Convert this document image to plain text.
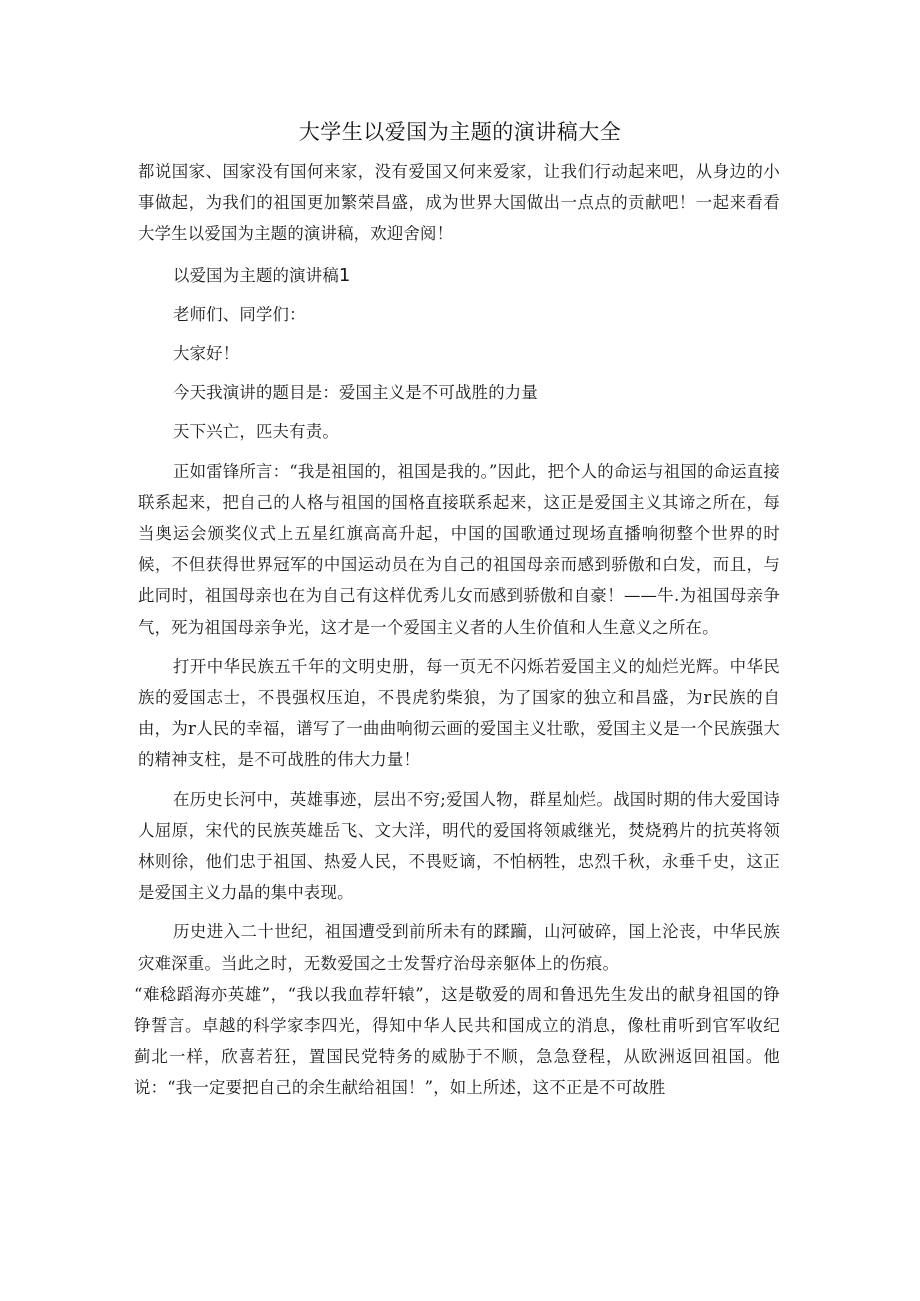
大学生以爱国为主题的演讲稿大全

都说国家、国家没有国何来家，没有爱国又何来爱家，让我们行动起来吧，从身边的小事做起，为我们的祖国更加繁荣昌盛，成为世界大国做出一点点的贡献吧！一起来看看大学生以爱国为主题的演讲稿，欢迎舍阅！

以爱国为主题的演讲稿1

老师们、同学们：

大家好！

今天我演讲的题目是：爱国主义是不可战胜的力量

天下兴亡，匹夫有责。

正如雷锋所言：“我是祖国的，祖国是我的。”因此，把个人的命运与祖国的命运直接联系起来，把自己的人格与祖国的国格直接联系起来，这正是爱国主义其谛之所在，每当奥运会颁奖仪式上五星红旗高高升起，中国的国歌通过现场直播响彻整个世界的时候，不但获得世界冠军的中国运动员在为自己的祖国母亲而感到骄傲和白发，而且，与此同时，祖国母亲也在为自己有这样优秀儿女而感到骄傲和自豪！——牛.为祖国母亲争气，死为祖国母亲争光，这才是一个爱国主义者的人生价值和人生意义之所在。

打开中华民族五千年的文明史册，每一页无不闪烁若爱国主义的灿烂光辉。中华民族的爱国志士，不畏强权压迫，不畏虎豹柴狼，为了国家的独立和昌盛，为r民族的自由，为r人民的幸福，谱写了一曲曲响彻云画的爱国主义壮歌，爱国主义是一个民族强大的精神支柱，是不可战胜的伟大力量！

在历史长河中，英雄事迹，层出不穷;爱国人物，群星灿烂。战国时期的伟大爱国诗人屈原，宋代的民族英雄岳飞、文大洋，明代的爱国将领戚继光，焚烧鸦片的抗英将领林则徐，他们忠于祖国、热爱人民，不畏贬谪，不怕柄牲，忠烈千秋，永垂千史，这正是爱国主义力晶的集中表现。

历史进入二十世纪，祖国遭受到前所未有的蹂躏，山河破碎，国上沦丧，中华民族灾难深重。当此之时，无数爱国之士发誓疗治母亲躯体上的伤痕。

“难稔蹈海亦英雄”，“我以我血荐轩辕”，这是敬爱的周和鲁迅先生发出的献身祖国的铮铮誓言。卓越的科学家李四光，得知中华人民共和国成立的消息，像杜甫听到官军收纪蓟北一样，欣喜若狂，置国民党特务的威胁于不顺，急急登程，从欧洲返回祖国。他说：“我一定要把自己的余生献给祖国！”，如上所述，这不正是不可故胜
